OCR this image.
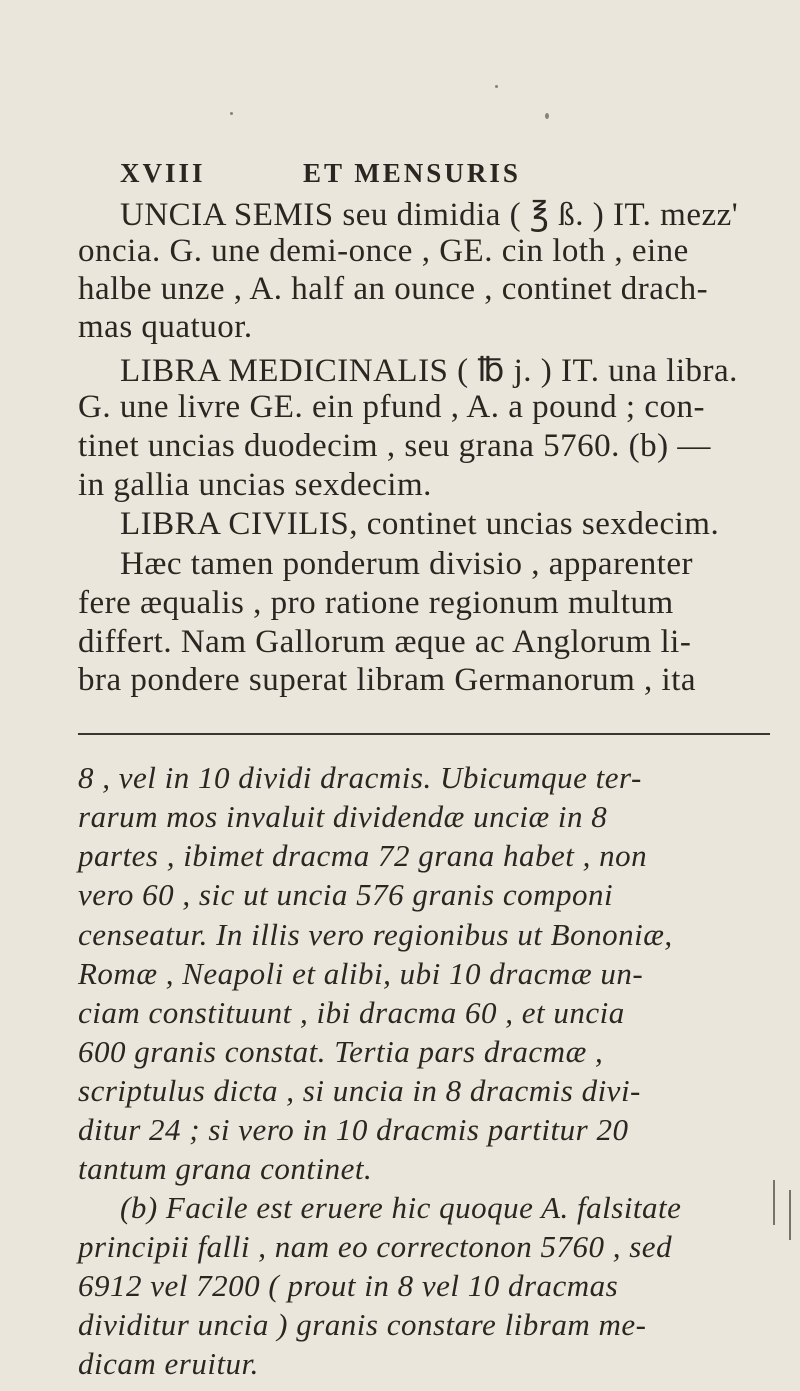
XVIII	ET MENSURIS
UNCIA SEMIS seu dimidia ( ℥ ß. ) IT. mezz'
oncia. G. une demi-once , GE. cin loth , eine
halbe unze , A. half an ounce , continet drach-
mas quatuor.
LIBRA MEDICINALIS ( ℔ j. ) IT. una libra.
G. une livre GE. ein pfund , A. a pound ; con-
tinet uncias duodecim , seu grana 5760. (b) —
in gallia uncias sexdecim.
LIBRA CIVILIS, continet uncias sexdecim.
Hæc tamen ponderum divisio , apparenter
fere æqualis , pro ratione regionum multum
differt. Nam Gallorum æque ac Anglorum li-
bra pondere superat libram Germanorum , ita
8 , vel in 10 dividi dracmis. Ubicumque ter-
rarum mos invaluit dividendæ unciæ in 8
partes , ibimet dracma 72 grana habet , non
vero 60 , sic ut uncia 576 granis componi
censeatur. In illis vero regionibus ut Bononiæ,
Romæ , Neapoli et alibi, ubi 10 dracmæ un-
ciam constituunt , ibi dracma 60 , et uncia
600 granis constat. Tertia pars dracmæ ,
scriptulus dicta , si uncia in 8 dracmis divi-
ditur 24 ; si vero in 10 dracmis partitur 20
tantum grana continet.
(b) Facile est eruere hic quoque A. falsitate
principii falli , nam eo correctonon 5760 , sed
6912 vel 7200 ( prout in 8 vel 10 dracmas
dividitur uncia ) granis constare libram me-
dicam eruitur.
